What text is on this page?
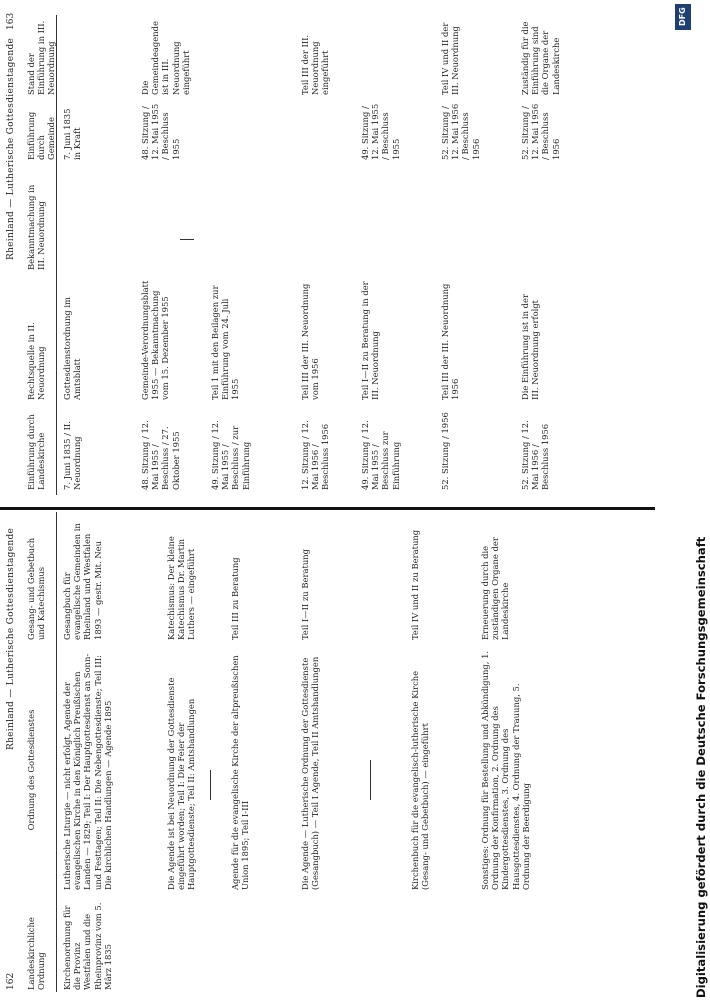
162
Rheinland — Lutherische Gottesdienstagende
Rheinland — Lutherische Gottesdienstagende
163
Landeskirchliche Ordnung
Ordnung des Gottesdienstes
Gesang- und Gebetbuch und Katechismus
Kirchenordnung für die Provinz Westfalen und die Rheinprovinz vom 5. März 1835
Lutherische Liturgie — nicht erfolgt, Agende der evangelischen Kirche in den Königlich Preußischen Landen — 1829; Teil I: Der Hauptgottesdienst an Sonn- und Festtagen; Teil II: Die Nebengottesdienste; Teil III: Die kirchlichen Handlungen — Agende 1895
Gesangbuch für evangelische Gemeinden in Rheinland und Westfalen 1893 — gestr. Mit. Neu
Die Agende ist bei Neuordnung der Gottesdienste eingeführt worden; Teil I: Die Feier der Hauptgottesdienste; Teil II: Amtshandlungen
Katechismus: Der kleine Katechismus Dr. Martin Luthers — eingeführt
Agende für die evangelische Kirche der altpreußischen Union 1895; Teil I-III
Teil III zu Beratung
Die Agende — Lutherische Ordnung der Gottesdienste (Gesangbuch) — Teil I Agende, Teil II Amtshandlungen
Teil I—II zu Beratung
Kirchenbuch für die evangelisch-lutherische Kirche (Gesang- und Gebetbuch) — eingeführt
Teil IV und II zu Beratung
Sonstiges: Ordnung für Bestellung und Abkündigung, 1. Ordnung der Konfirmation, 2. Ordnung des Kindergottesdienstes, 3. Ordnung des Hausgottesdienstes, 4. Ordnung der Trauung, 5. Ordnung der Beerdigung
Erneuerung durch die zuständigen Organe der Landeskirche
Einführung durch Landeskirche
Rechtsquelle in II. Neuordnung
Bekanntmachung in III. Neuordnung
Einführung durch Gemeinde
Stand der Einführung in III. Neuordnung
7. Juni 1835 / II. Neuordnung
Gottesdienstordnung im Amtsblatt
7. Juni 1835 in Kraft
48. Sitzung / 12. Mai 1955 / Beschluss / 27. Oktober 1955
Gemeinde-Verordnungsblatt 1955 — Bekanntmachung vom 15. Dezember 1955
48. Sitzung / 12. Mai 1955 / Beschluss 1955
Die Gemeindeagende ist in III. Neuordnung eingeführt
49. Sitzung / 12. Mai 1955 / Beschluss / zur Einführung
Teil 1 mit den Beilagen zur Einführung vom 24. Juli 1955
12. Sitzung / 12. Mai 1956 / Beschluss 1956
Teil III der III. Neuordnung vom 1956
Teil III der III. Neuordnung eingeführt
49. Sitzung / 12. Mai 1955 / Beschluss zur Einführung
Teil I—II zu Beratung in der III. Neuordnung
49. Sitzung / 12. Mai 1955 / Beschluss 1955
52. Sitzung / 1956
Teil III der III. Neuordnung 1956
52. Sitzung / 12. Mai 1956 / Beschluss 1956
Teil IV und II der III. Neuordnung
52. Sitzung / 12. Mai 1956 / Beschluss 1956
Die Einführung ist in der III. Neuordnung erfolgt
52. Sitzung / 12. Mai 1956 / Beschluss 1956
Zuständig für die Einführung sind die Organe der Landeskirche
DFG
Digitalisierung gefördert durch die Deutsche Forschungsgemeinschaft
